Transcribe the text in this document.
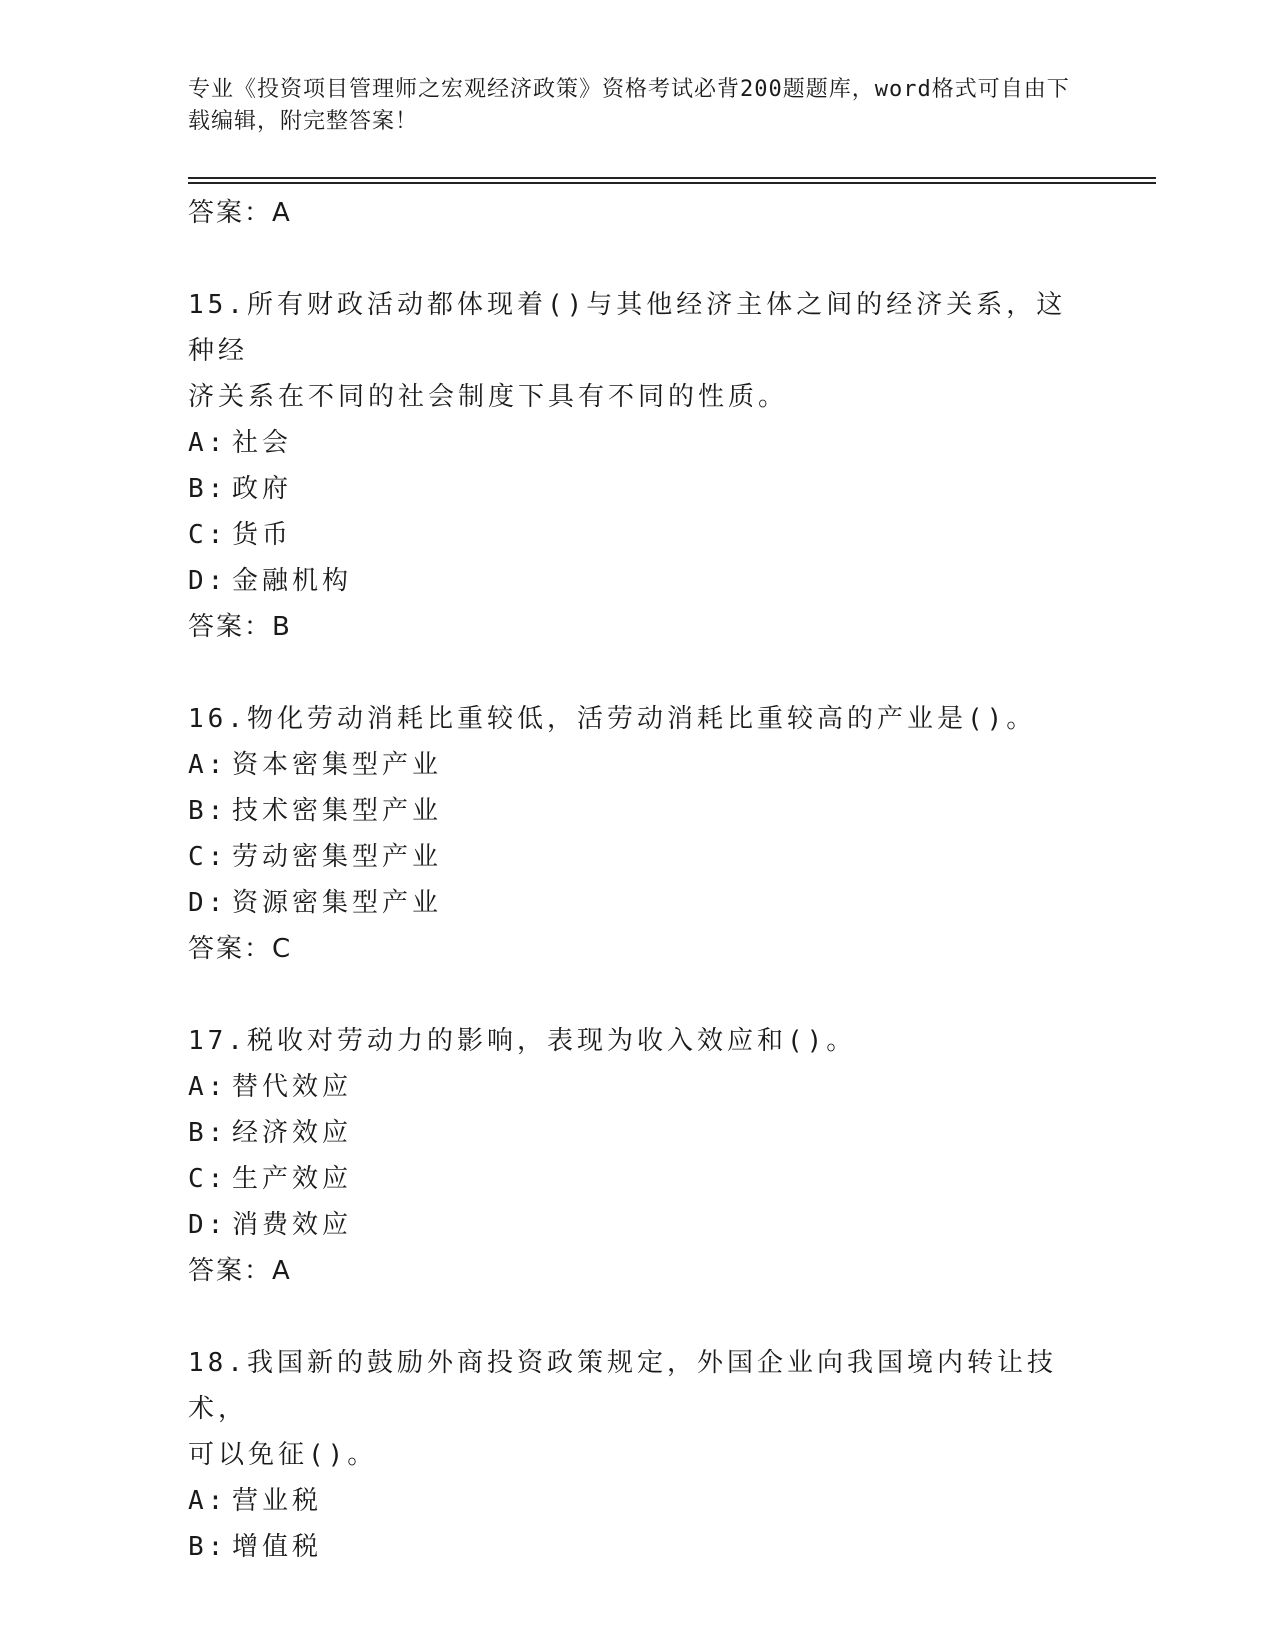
专业《投资项目管理师之宏观经济政策》资格考试必背200题题库，word格式可自由下载编辑，附完整答案！
答案：A
15.所有财政活动都体现着()与其他经济主体之间的经济关系，这种经
济关系在不同的社会制度下具有不同的性质。
A: 社会
B: 政府
C: 货币
D: 金融机构
答案：B
16.物化劳动消耗比重较低，活劳动消耗比重较高的产业是()。
A: 资本密集型产业
B: 技术密集型产业
C: 劳动密集型产业
D: 资源密集型产业
答案：C
17.税收对劳动力的影响，表现为收入效应和()。
A: 替代效应
B: 经济效应
C: 生产效应
D: 消费效应
答案：A
18.我国新的鼓励外商投资政策规定，外国企业向我国境内转让技术，
可以免征()。
A: 营业税
B: 增值税
